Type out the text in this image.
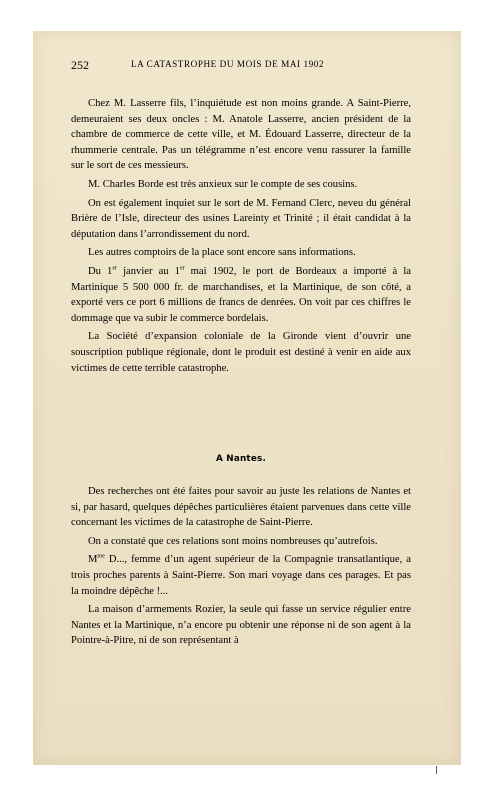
252	LA CATASTROPHE DU MOIS DE MAI 1902

Chez M. Lasserre fils, l’inquiétude est non moins grande. A Saint-Pierre, demeuraient ses deux oncles : M. Anatole Lasserre, ancien président de la chambre de commerce de cette ville, et M. Édouard Lasserre, directeur de la rhummerie centrale. Pas un télégramme n’est encore venu rassurer la famille sur le sort de ces messieurs.

M. Charles Borde est très anxieux sur le compte de ses cousins.

On est également inquiet sur le sort de M. Fernand Clerc, neveu du général Brière de l’Isle, directeur des usines Lareinty et Trinité ; il était candidat à la députation dans l’arrondissement du nord.

Les autres comptoirs de la place sont encore sans informations.

Du 1er janvier au 1er mai 1902, le port de Bordeaux a importé à la Martinique 5 500 000 fr. de marchandises, et la Martinique, de son côté, a exporté vers ce port 6 millions de francs de denrées. On voit par ces chiffres le dommage que va subir le commerce bordelais.

La Société d’expansion coloniale de la Gironde vient d’ouvrir une souscription publique régionale, dont le produit est destiné à venir en aide aux victimes de cette terrible catastrophe.

A Nantes.

Des recherches ont été faites pour savoir au juste les relations de Nantes et si, par hasard, quelques dépêches particulières étaient parvenues dans cette ville concernant les victimes de la catastrophe de Saint-Pierre.

On a constaté que ces relations sont moins nombreuses qu’autrefois.

$M^{me}$ D..., femme d’un agent supérieur de la Compagnie transatlantique, a trois proches parents à Saint-Pierre. Son mari voyage dans ces parages. Et pas la moindre dépêche !...

La maison d’armements Rozier, la seule qui fasse un service régulier entre Nantes et la Martinique, n’a encore pu obtenir une réponse ni de son agent à la Pointre-à-Pitre, ni de son représentant à
